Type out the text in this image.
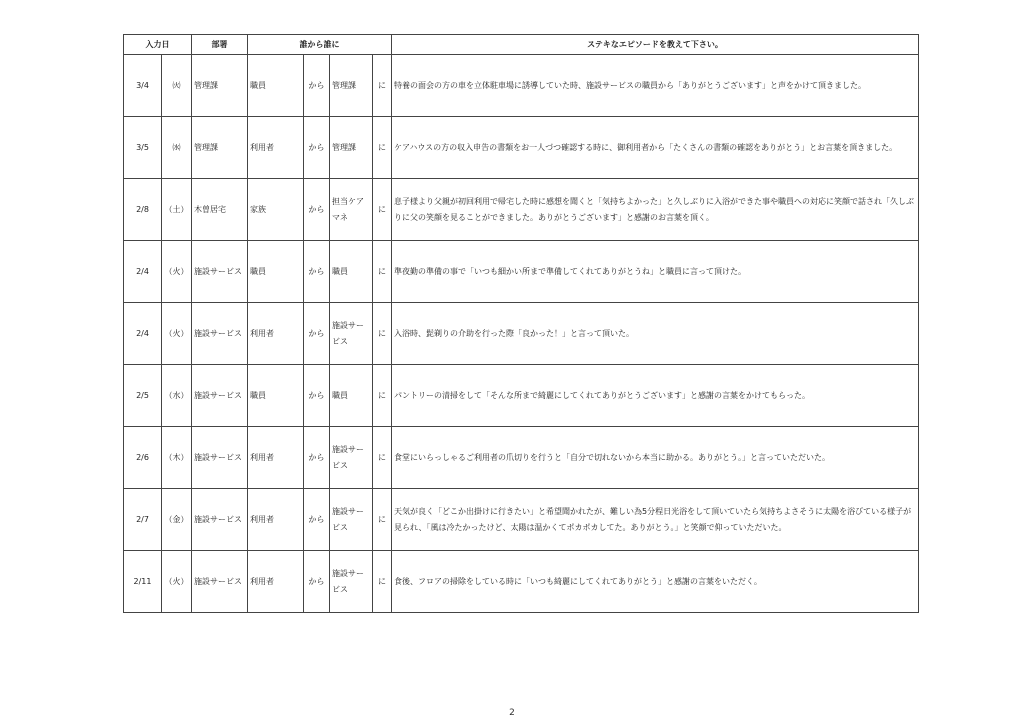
入力日		部署	誰から誰に				ステキなエピソードを教えて下さい。
3/4	㈫	管理課	職員	から	管理課	に	特養の面会の方の車を立体駐車場に誘導していた時、施設サービスの職員から「ありがとうございます」と声をかけて頂きました。
3/5	㈬	管理課	利用者	から	管理課	に	ケアハウスの方の収入申告の書類をお一人づつ確認する時に、御利用者から「たくさんの書類の確認をありがとう」とお言葉を頂きました。
2/8	（土）	木曽居宅	家族	から	担当ケアマネ	に	息子様より父親が初回利用で帰宅した時に感想を聞くと「気持ちよかった」と久しぶりに入浴ができた事や職員への対応に笑顔で話され「久しぶりに父の笑顔を見ることができました。ありがとうございます」と感謝のお言葉を頂く。
2/4	（火）	施設サービス	職員	から	職員	に	準夜勤の準備の事で「いつも細かい所まで準備してくれてありがとうね」と職員に言って頂けた。
2/4	（火）	施設サービス	利用者	から	施設サービス	に	入浴時、髭剃りの介助を行った際「良かった！」と言って頂いた。
2/5	（水）	施設サービス	職員	から	職員	に	パントリーの清掃をして「そんな所まで綺麗にしてくれてありがとうございます」と感謝の言葉をかけてもらった。
2/6	（木）	施設サービス	利用者	から	施設サービス	に	食堂にいらっしゃるご利用者の爪切りを行うと「自分で切れないから本当に助かる。ありがとう。」と言っていただいた。
2/7	（金）	施設サービス	利用者	から	施設サービス	に	天気が良く「どこか出掛けに行きたい」と希望聞かれたが、難しい為5分程日光浴をして頂いていたら気持ちよさそうに太陽を浴びている様子が見られ、「風は冷たかったけど、太陽は温かくてポカポカしてた。ありがとう。」と笑顔で仰っていただいた。
2/11	（火）	施設サービス	利用者	から	施設サービス	に	食後、フロアの掃除をしている時に「いつも綺麗にしてくれてありがとう」と感謝の言葉をいただく。
2
